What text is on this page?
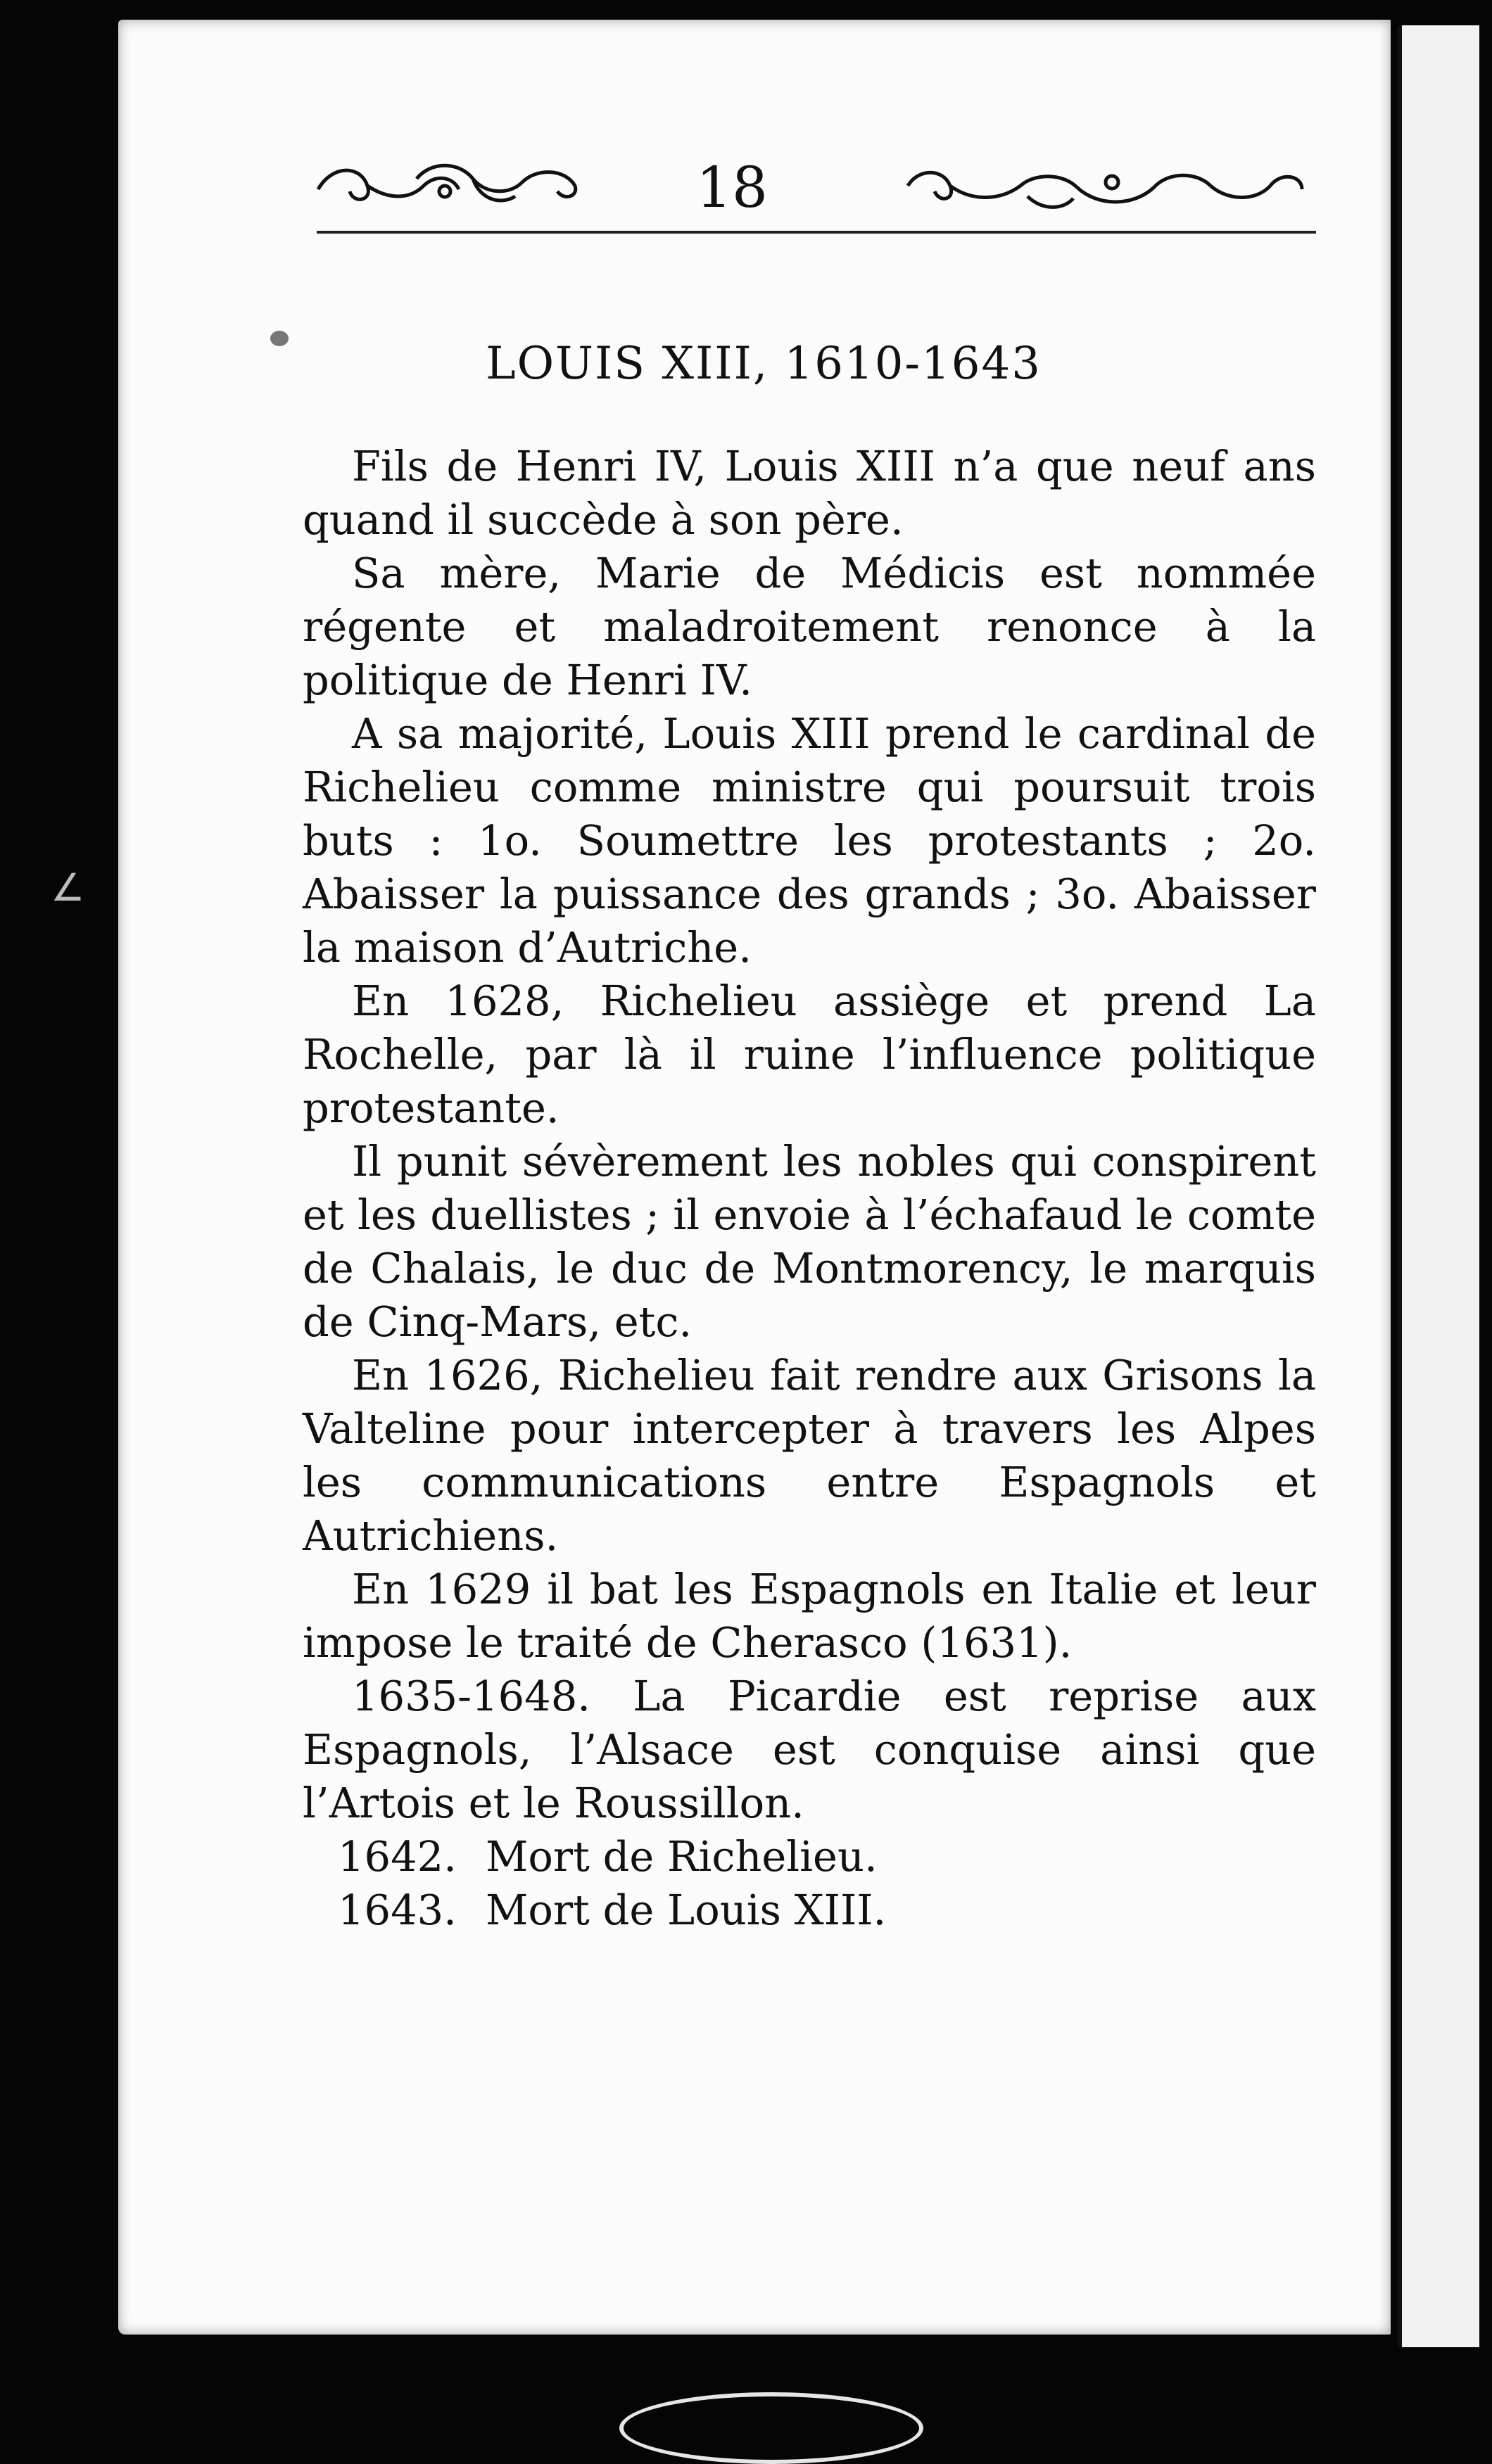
18
∠
LOUIS XIII, 1610-1643

Fils de Henri IV, Louis XIII n’a que neuf ans quand il succède à son père.

Sa mère, Marie de Médicis est nommée régente et maladroitement renonce à la politique de Henri IV.

A sa majorité, Louis XIII prend le cardinal de Richelieu comme ministre qui poursuit trois buts : 1o. Soumettre les protestants ; 2o. Abaisser la puissance des grands ; 3o. Abaisser la maison d’Autriche.

En 1628, Richelieu assiège et prend La Rochelle, par là il ruine l’influence politique protestante.

Il punit sévèrement les nobles qui conspirent et les duellistes ; il envoie à l’échafaud le comte de Chalais, le duc de Montmorency, le marquis de Cinq-Mars, etc.

En 1626, Richelieu fait rendre aux Grisons la Valteline pour intercepter à travers les Alpes les communications entre Espagnols et Autrichiens.

En 1629 il bat les Espagnols en Italie et leur impose le traité de Cherasco (1631).

1635-1648. La Picardie est reprise aux Espagnols, l’Alsace est conquise ainsi que l’Artois et le Roussillon.

1642. Mort de Richelieu.
1643. Mort de Louis XIII.
